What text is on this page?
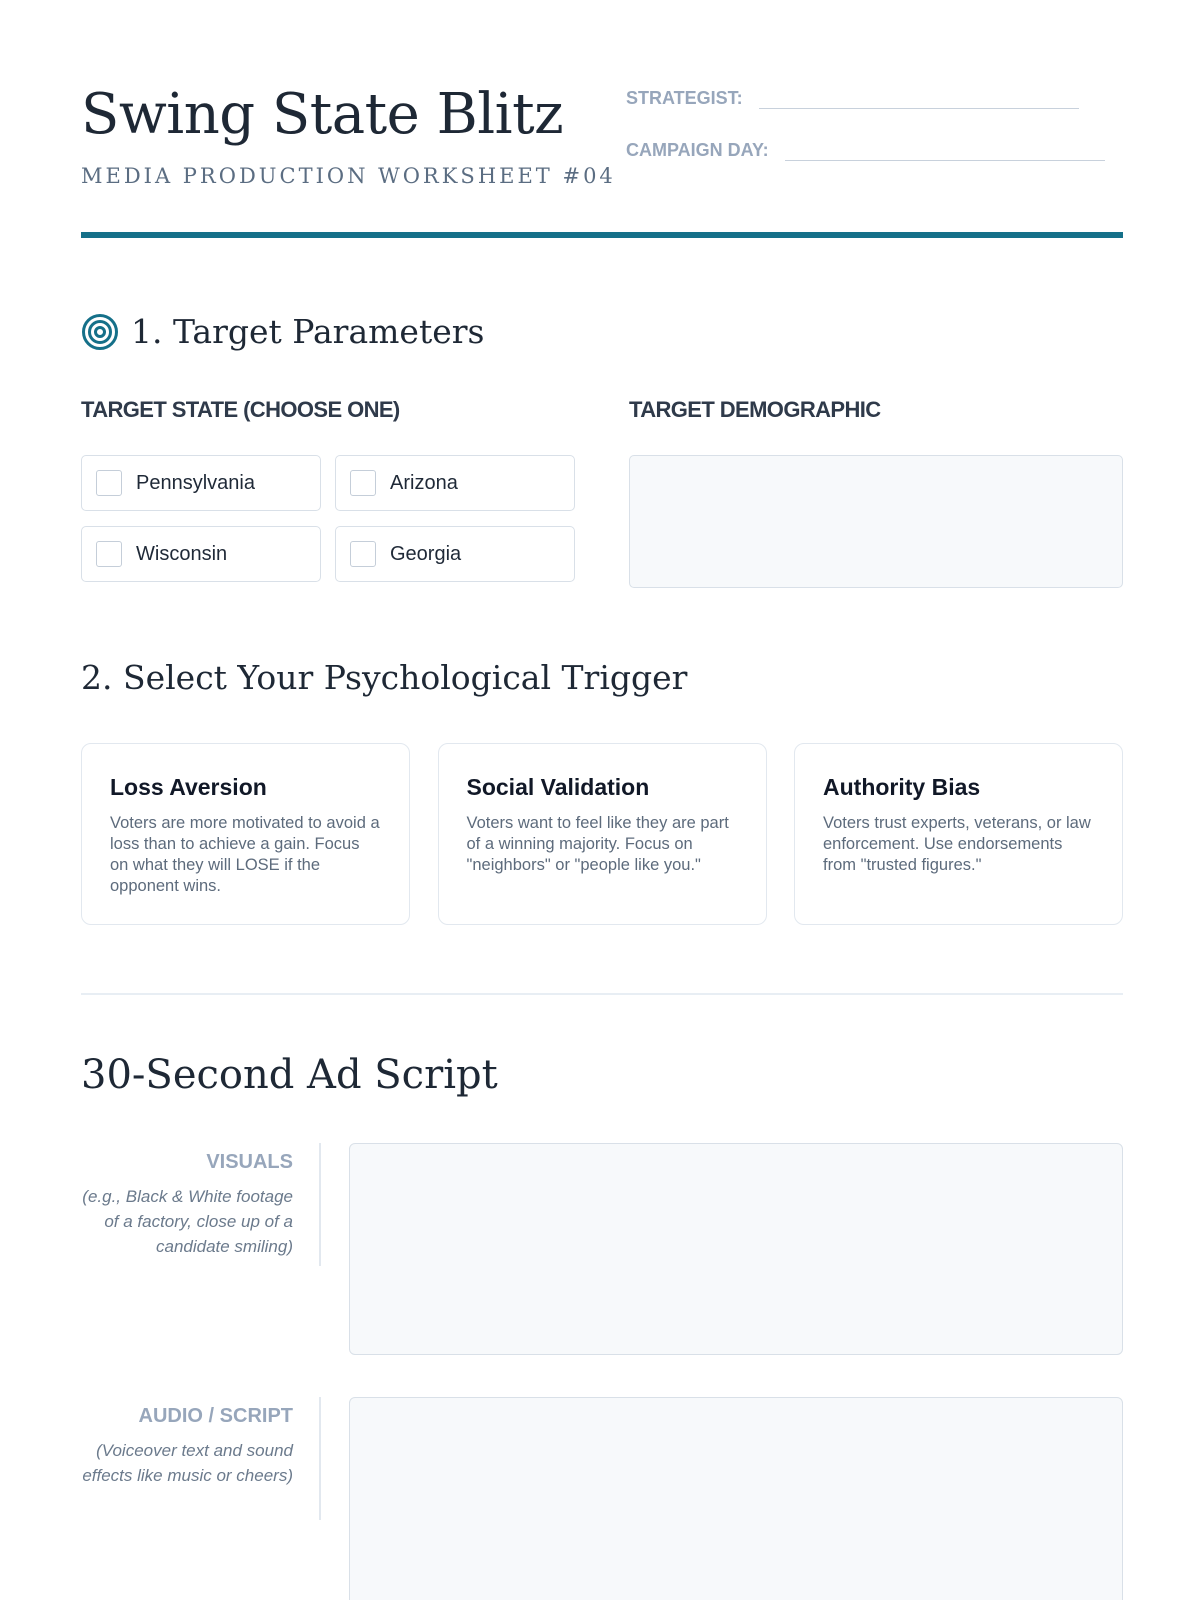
Swing State Blitz
MEDIA PRODUCTION WORKSHEET #04
STRATEGIST:
CAMPAIGN DAY:
1. Target Parameters
TARGET STATE (CHOOSE ONE)	TARGET DEMOGRAPHIC
Pennsylvania	Arizona
Wisconsin	Georgia
2. Select Your Psychological Trigger
Loss Aversion
Voters are more motivated to avoid a loss than to achieve a gain. Focus on what they will LOSE if the opponent wins.
Social Validation
Voters want to feel like they are part of a winning majority. Focus on "neighbors" or "people like you."
Authority Bias
Voters trust experts, veterans, or law enforcement. Use endorsements from "trusted figures."
30-Second Ad Script
VISUALS
(e.g., Black & White footage of a factory, close up of a candidate smiling)
AUDIO / SCRIPT
(Voiceover text and sound effects like music or cheers)
